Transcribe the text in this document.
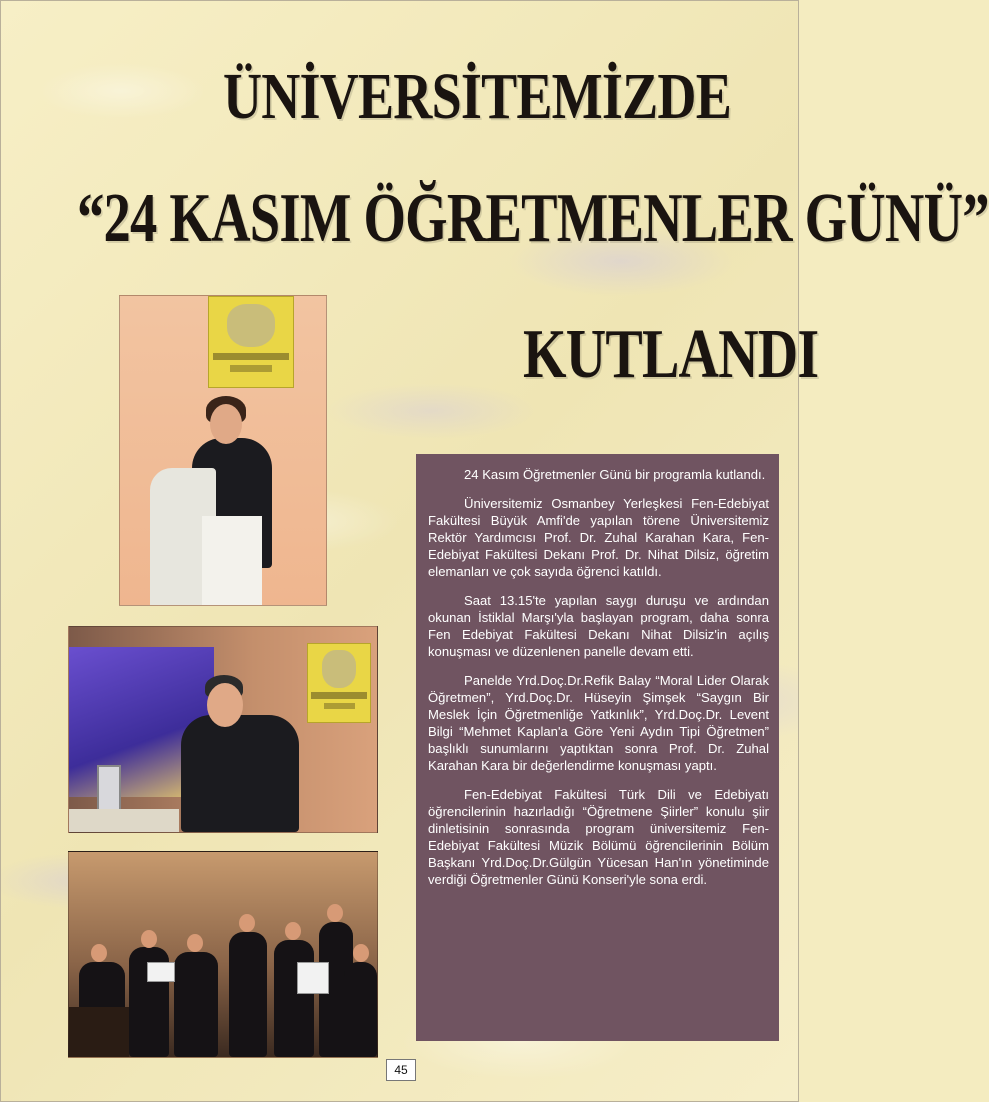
ÜNİVERSİTEMİZDE
“24 KASIM ÖĞRETMENLER GÜNÜ”
KUTLANDI

24 Kasım Öğretmenler Günü bir programla kutlandı.

Üniversitemiz Osmanbey Yerleşkesi Fen-Edebiyat Fakültesi Büyük Amfi'de yapılan törene Üniversitemiz Rektör Yardımcısı Prof. Dr. Zuhal Karahan Kara, Fen-Edebiyat Fakültesi Dekanı Prof. Dr. Nihat Dilsiz, öğretim elemanları ve çok sayıda öğrenci katıldı.

Saat 13.15'te yapılan saygı duruşu ve ardından okunan İstiklal Marşı'yla başlayan program, daha sonra Fen Edebiyat Fakültesi Dekanı Nihat Dilsiz'in açılış konuşması ve düzenlenen panelle devam etti.

Panelde Yrd.Doç.Dr.Refik Balay “Moral Lider Olarak Öğretmen”, Yrd.Doç.Dr. Hüseyin Şimşek “Saygın Bir Meslek İçin Öğretmenliğe Yatkınlık”, Yrd.Doç.Dr. Levent Bilgi “Mehmet Kaplan'a Göre Yeni Aydın Tipi Öğretmen” başlıklı sunumlarını yaptıktan sonra Prof. Dr. Zuhal Karahan Kara bir değerlendirme konuşması yaptı.

Fen-Edebiyat Fakültesi Türk Dili ve Edebiyatı öğrencilerinin hazırladığı “Öğretmene Şiirler” konulu şiir dinletisinin sonrasında program üniversitemiz Fen-Edebiyat Fakültesi Müzik Bölümü öğrencilerinin Bölüm Başkanı Yrd.Doç.Dr.Gülgün Yücesan Han'ın yönetiminde verdiği Öğretmenler Günü Konseri'yle sona erdi.

45
